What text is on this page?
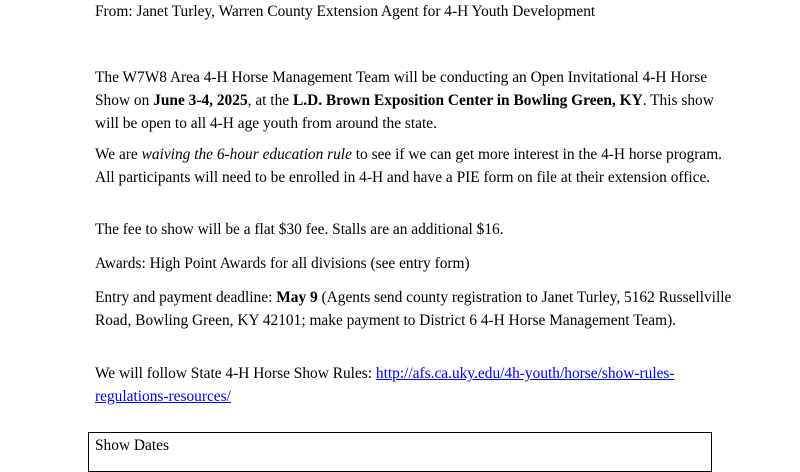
From: Janet Turley, Warren County Extension Agent for 4-H Youth Development

The W7W8 Area 4-H Horse Management Team will be conducting an Open Invitational 4-H Horse Show on June 3-4, 2025, at the L.D. Brown Exposition Center in Bowling Green, KY. This show will be open to all 4-H age youth from around the state.

We are waiving the 6-hour education rule to see if we can get more interest in the 4-H horse program. All participants will need to be enrolled in 4-H and have a PIE form on file at their extension office.

The fee to show will be a flat $30 fee. Stalls are an additional $16.

Awards: High Point Awards for all divisions (see entry form)

Entry and payment deadline: May 9 (Agents send county registration to Janet Turley, 5162 Russellville Road, Bowling Green, KY 42101; make payment to District 6 4-H Horse Management Team).

We will follow State 4-H Horse Show Rules: http://afs.ca.uky.edu/4h-youth/horse/show-rules-regulations-resources/

Show Dates
